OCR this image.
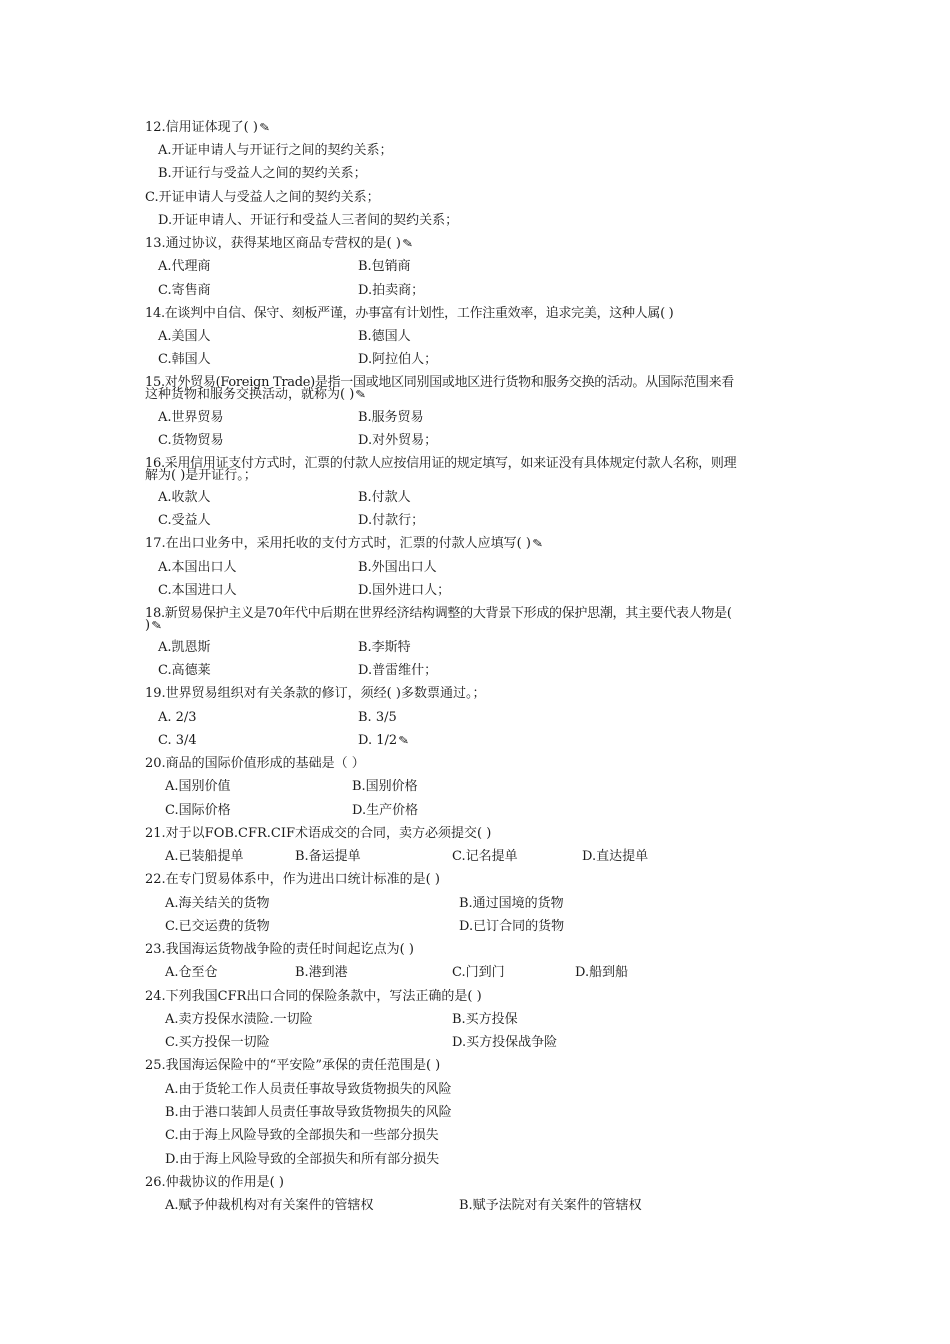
12.信用证体现了( )✎
A.开证申请人与开证行之间的契约关系；
B.开证行与受益人之间的契约关系；
C.开证申请人与受益人之间的契约关系；
D.开证申请人、开证行和受益人三者间的契约关系；
13.通过协议，获得某地区商品专营权的是( )✎
A.代理商	B.包销商
C.寄售商	D.拍卖商；
14.在谈判中自信、保守、刻板严谨，办事富有计划性，工作注重效率，追求完美，这种人属( )
A.美国人	B.德国人
C.韩国人	D.阿拉伯人；
15.对外贸易(Foreign Trade)是指一国或地区同别国或地区进行货物和服务交换的活动。从国际范围来看
这种货物和服务交换活动，就称为( )✎
A.世界贸易	B.服务贸易
C.货物贸易	D.对外贸易；
16.采用信用证支付方式时，汇票的付款人应按信用证的规定填写，如来证没有具体规定付款人名称，则理
解为( )是开证行。；
A.收款人	B.付款人
C.受益人	D.付款行；
17.在出口业务中，采用托收的支付方式时，汇票的付款人应填写( )✎
A.本国出口人	B.外国出口人
C.本国进口人	D.国外进口人；
18.新贸易保护主义是70年代中后期在世界经济结构调整的大背景下形成的保护思潮，其主要代表人物是(
)✎
A.凯恩斯	B.李斯特
C.高德莱	D.普雷维什；
19.世界贸易组织对有关条款的修订，须经( )多数票通过。；
A. 2/3	B. 3/5
C. 3/4	D. 1/2✎
20.商品的国际价值形成的基础是（ ）
A.国别价值	B.国别价格
C.国际价格	D.生产价格
21.对于以FOB.CFR.CIF术语成交的合同，卖方必须提交( )
A.已装船提单	B.备运提单	C.记名提单	D.直达提单
22.在专门贸易体系中，作为进出口统计标准的是( )
A.海关结关的货物	B.通过国境的货物
C.已交运费的货物	D.已订合同的货物
23.我国海运货物战争险的责任时间起讫点为( )
A.仓至仓	B.港到港	C.门到门	D.船到船
24.下列我国CFR出口合同的保险条款中，写法正确的是( )
A.卖方投保水渍险.一切险	B.买方投保
C.买方投保一切险	D.买方投保战争险
25.我国海运保险中的“平安险”承保的责任范围是( )
A.由于货轮工作人员责任事故导致货物损失的风险
B.由于港口装卸人员责任事故导致货物损失的风险
C.由于海上风险导致的全部损失和一些部分损失
D.由于海上风险导致的全部损失和所有部分损失
26.仲裁协议的作用是( )
A.赋予仲裁机构对有关案件的管辖权	B.赋予法院对有关案件的管辖权
